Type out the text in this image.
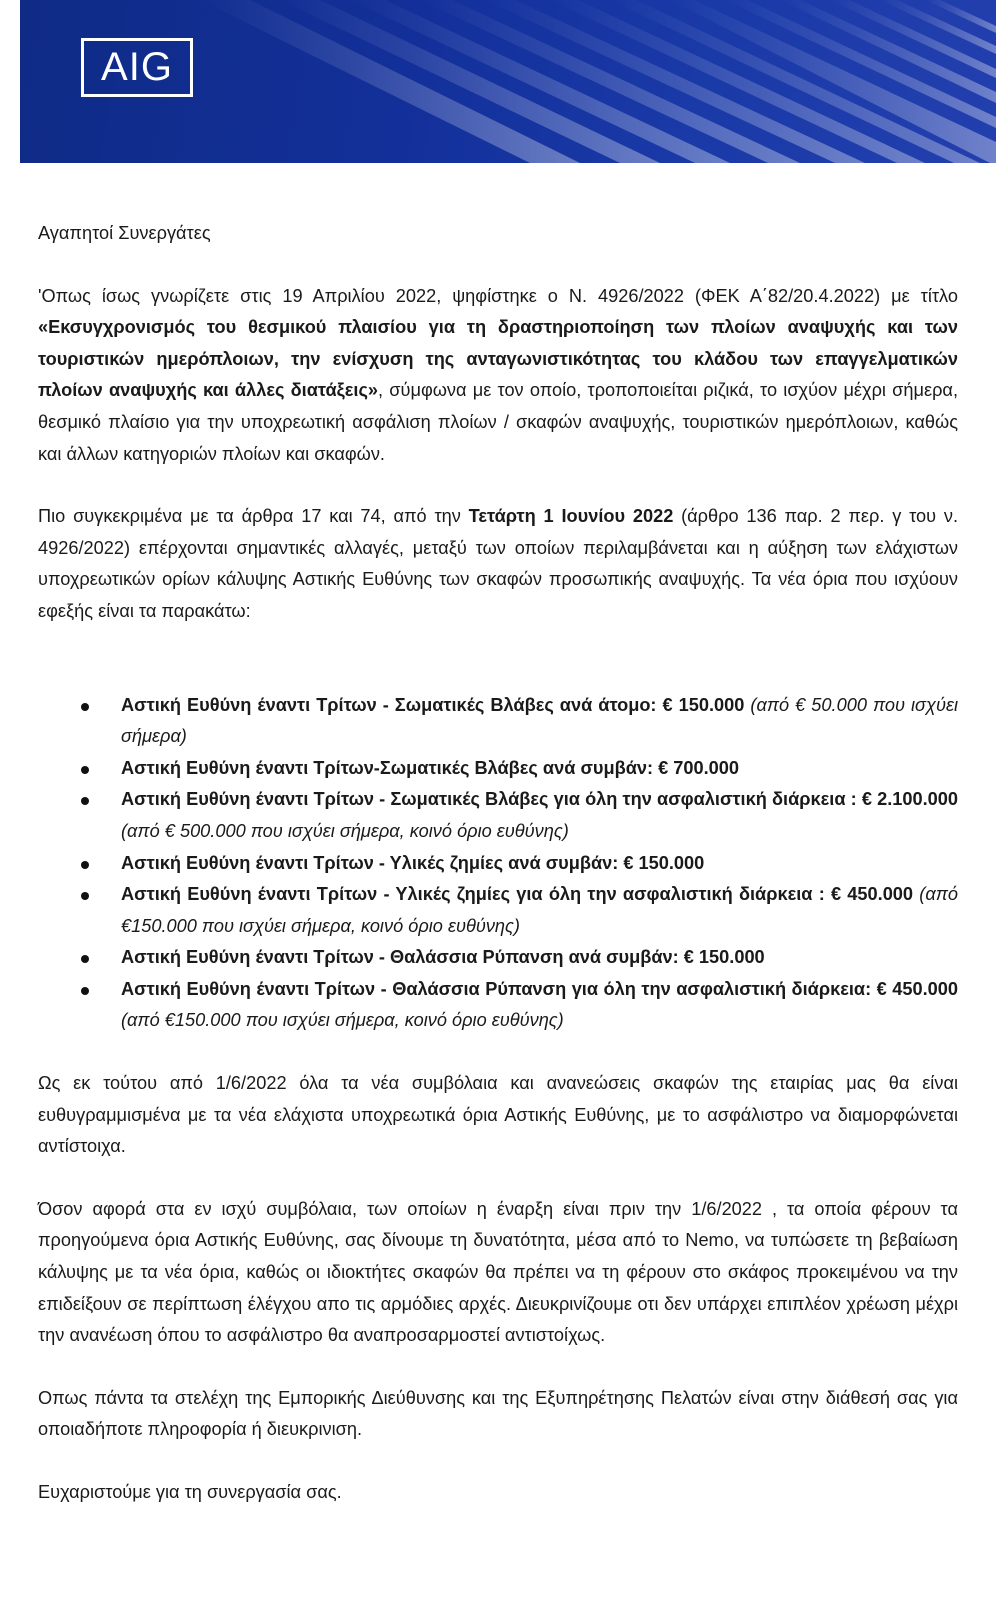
AIG

Αγαπητοί Συνεργάτες

'Οπως ίσως γνωρίζετε στις 19 Απριλίου 2022, ψηφίστηκε ο Ν. 4926/2022 (ΦΕΚ Α΄82/20.4.2022) με τίτλο «Εκσυγχρονισμός του θεσμικού πλαισίου για τη δραστηριοποίηση των πλοίων αναψυχής και των τουριστικών ημερόπλοιων, την ενίσχυση της ανταγωνιστικότητας του κλάδου των επαγγελματικών πλοίων αναψυχής και άλλες διατάξεις», σύμφωνα με τον οποίο, τροποποιείται ριζικά, το ισχύον μέχρι σήμερα, θεσμικό πλαίσιο για την υποχρεωτική ασφάλιση πλοίων / σκαφών αναψυχής, τουριστικών ημερόπλοιων, καθώς και άλλων κατηγοριών πλοίων και σκαφών.

Πιο συγκεκριμένα με τα άρθρα 17 και 74, από την Τετάρτη 1 Ιουνίου 2022 (άρθρο 136 παρ. 2 περ. γ του ν. 4926/2022) επέρχονται σημαντικές αλλαγές, μεταξύ των οποίων περιλαμβάνεται και η αύξηση των ελάχιστων υποχρεωτικών ορίων κάλυψης Αστικής Ευθύνης των σκαφών προσωπικής αναψυχής. Τα νέα όρια που ισχύουν εφεξής είναι τα παρακάτω:

Αστική Ευθύνη έναντι Τρίτων - Σωματικές Βλάβες ανά άτομο: € 150.000 (από € 50.000 που ισχύει σήμερα)
Αστική Ευθύνη έναντι Τρίτων-Σωματικές Βλάβες ανά συμβάν: € 700.000
Αστική Ευθύνη έναντι Τρίτων - Σωματικές Βλάβες για όλη την ασφαλιστική διάρκεια : € 2.100.000 (από € 500.000 που ισχύει σήμερα, κοινό όριο ευθύνης)
Αστική Ευθύνη έναντι Τρίτων - Υλικές ζημίες ανά συμβάν: € 150.000
Αστική Ευθύνη έναντι Τρίτων - Υλικές ζημίες για όλη την ασφαλιστική διάρκεια : € 450.000 (από €150.000 που ισχύει σήμερα, κοινό όριο ευθύνης)
Αστική Ευθύνη έναντι Τρίτων - Θαλάσσια Ρύπανση ανά συμβάν: € 150.000
Αστική Ευθύνη έναντι Τρίτων - Θαλάσσια Ρύπανση για όλη την ασφαλιστική διάρκεια: € 450.000 (από €150.000 που ισχύει σήμερα, κοινό όριο ευθύνης)

Ως εκ τούτου από 1/6/2022 όλα τα νέα συμβόλαια και ανανεώσεις σκαφών της εταιρίας μας θα είναι ευθυγραμμισμένα με τα νέα ελάχιστα υποχρεωτικά όρια Αστικής Ευθύνης, με το ασφάλιστρο να διαμορφώνεται αντίστοιχα.

Όσον αφορά στα εν ισχύ συμβόλαια, των οποίων η έναρξη είναι πριν την 1/6/2022 , τα οποία φέρουν τα προηγούμενα όρια Αστικής Ευθύνης, σας δίνουμε τη δυνατότητα, μέσα από το Nemo, να τυπώσετε τη βεβαίωση κάλυψης με τα νέα όρια, καθώς οι ιδιοκτήτες σκαφών θα πρέπει να τη φέρουν στο σκάφος προκειμένου να την επιδείξουν σε περίπτωση έλέγχου απο τις αρμόδιες αρχές. Διευκρινίζουμε οτι δεν υπάρχει επιπλέον χρέωση μέχρι την ανανέωση όπου το ασφάλιστρο θα αναπροσαρμοστεί αντιστοίχως.

Οπως πάντα τα στελέχη της Εμπορικής Διεύθυνσης και της Εξυπηρέτησης Πελατών είναι στην διάθεσή σας για οποιαδήποτε πληροφορία ή διευκρινιση.

Ευχαριστούμε για τη συνεργασία σας.
